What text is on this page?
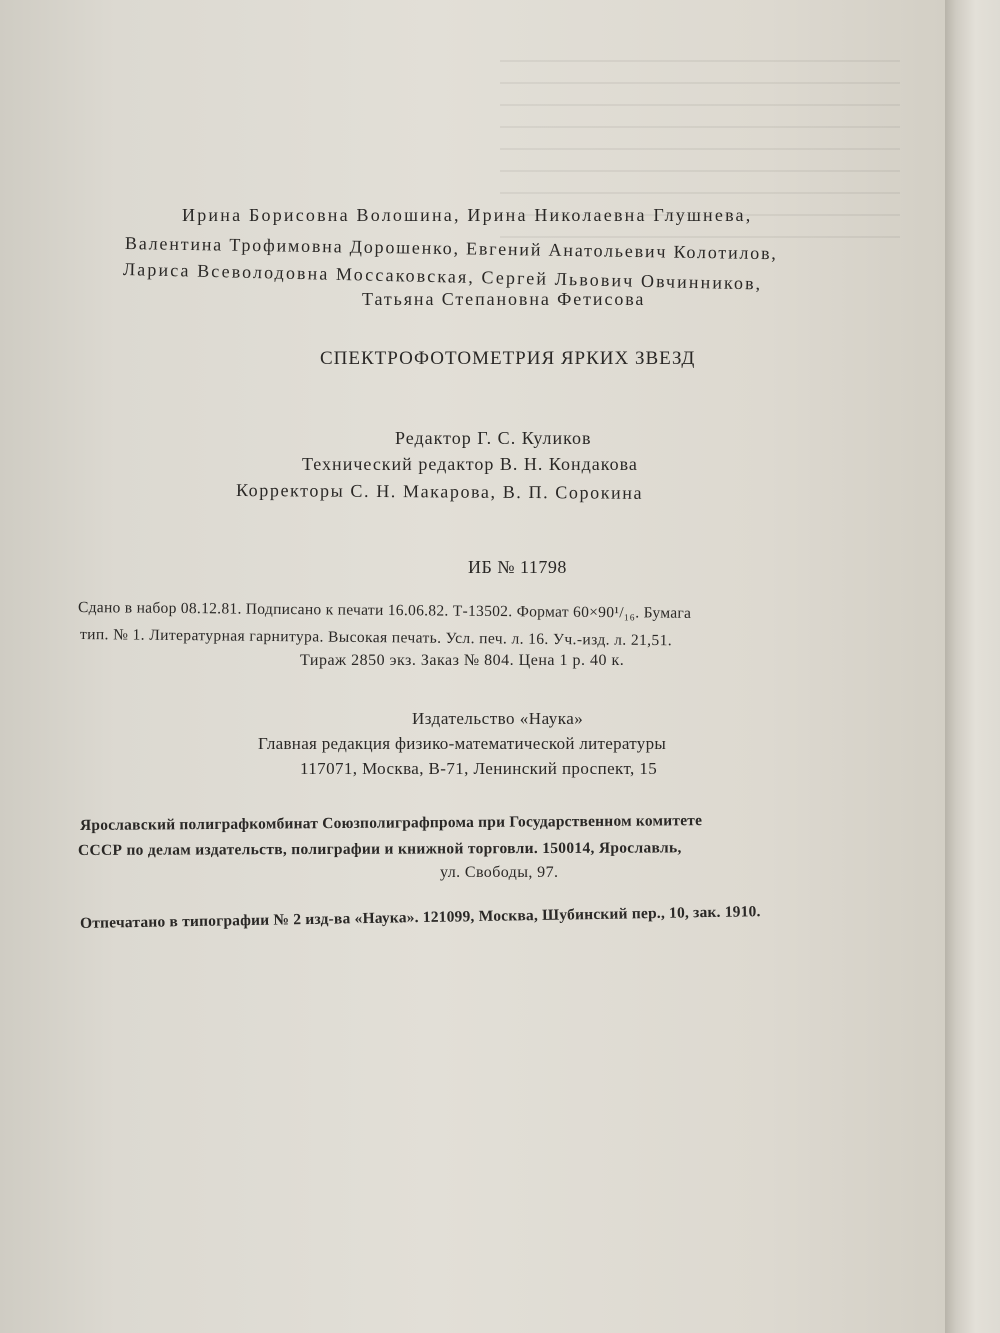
Ирина Борисовна Волошина, Ирина Николаевна Глушнева,
Валентина Трофимовна Дорошенко, Евгений Анатольевич Колотилов,
Лариса Всеволодовна Моссаковская, Сергей Львович Овчинников,
Татьяна Степановна Фетисова
СПЕКТРОФОТОМЕТРИЯ ЯРКИХ ЗВЕЗД
Редактор Г. С. Куликов
Технический редактор В. Н. Кондакова
Корректоры С. Н. Макарова, В. П. Сорокина
ИБ № 11798
Сдано в набор 08.12.81. Подписано к печати 16.06.82. Т-13502. Формат 60×90¹/₁₆. Бумага
тип. № 1. Литературная гарнитура. Высокая печать. Усл. печ. л. 16. Уч.-изд. л. 21,51.
Тираж 2850 экз. Заказ № 804. Цена 1 р. 40 к.
Издательство «Наука»
Главная редакция физико-математической литературы
117071, Москва, В-71, Ленинский проспект, 15
Ярославский полиграфкомбинат Союзполиграфпрома при Государственном комитете
СССР по делам издательств, полиграфии и книжной торговли. 150014, Ярославль,
ул. Свободы, 97.
Отпечатано в типографии № 2 изд-ва «Наука». 121099, Москва, Шубинский пер., 10, зак. 1910.
